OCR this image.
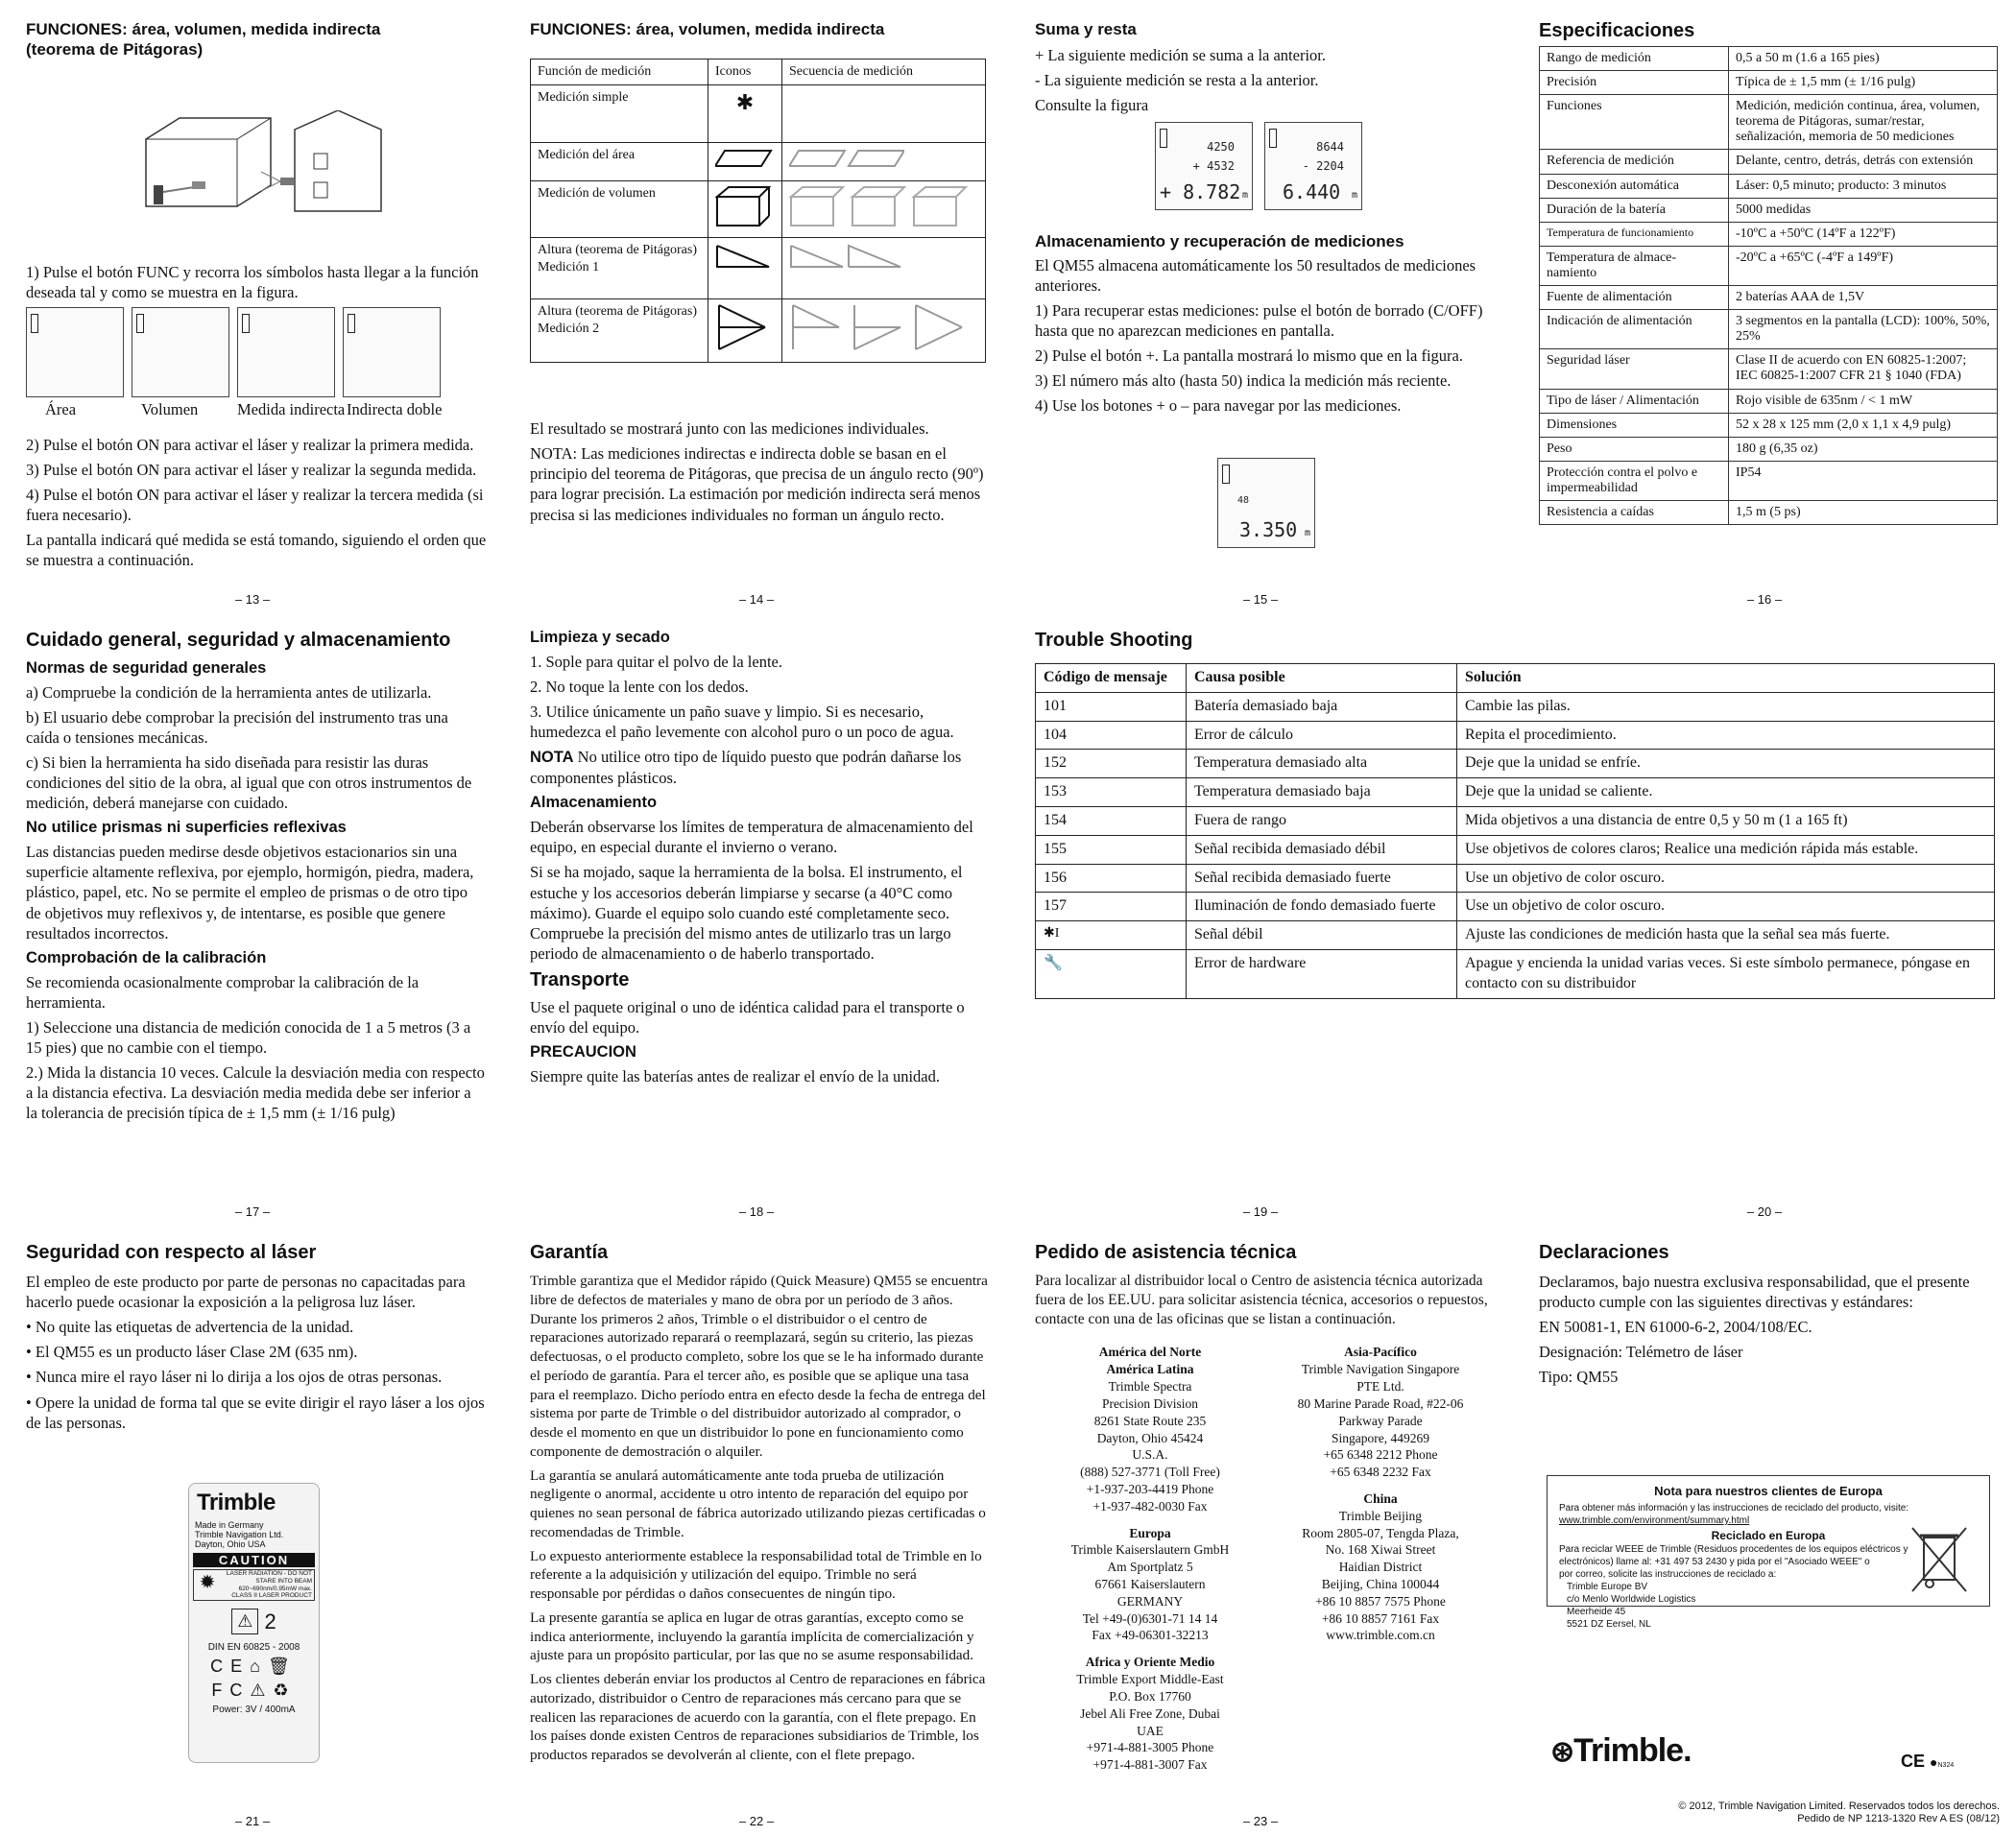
FUNCIONES: área, volumen, medida indirecta

(teorema de Pitágoras)

1) Pulse el botón FUNC y recorra los símbolos hasta llegar a la función deseada tal y como se muestra en la figura.

Área	Volumen	Medida indirecta Indirecta doble

2) Pulse el botón ON para activar el láser y realizar la primera medida.

3) Pulse el botón ON para activar el láser y realizar la segunda medida.

4) Pulse el botón ON para activar el láser y realizar la tercera medida (si fuera necesario).

La pantalla indicará qué medida se está tomando, siguiendo el orden que se muestra a continuación.

– 13 –

FUNCIONES: área, volumen, medida indirecta

Función de medición	Iconos	Secuencia de medición
Medición simple	✱	
Medición del área		
Medición de volumen		
Altura (teorema de Pitágoras) Medición 1		
Altura (teorema de Pitágoras) Medición 2		

El resultado se mostrará junto con las mediciones individuales.

NOTA: Las mediciones indirectas e indirecta doble se basan en el principio del teorema de Pitágoras, que precisa de un ángulo recto (90º) para lograr precisión. La estimación por medición indirecta será menos precisa si las mediciones individuales no forman un ángulo recto.

– 14 –

Suma y resta

+ La siguiente medición se suma a la anterior.

- La siguiente medición se resta a la anterior.

Consulte la figura

4250
+ 4532
+ 8.782 m
8644
- 2204
6.440 m

Almacenamiento y recuperación de mediciones

El QM55 almacena automáticamente los 50 resultados de mediciones anteriores.

1) Para recuperar estas mediciones: pulse el botón de borrado (C/OFF) hasta que no aparezcan mediciones en pantalla.

2) Pulse el botón +. La pantalla mostrará lo mismo que en la figura.

3) El número más alto (hasta 50) indica la medición más reciente.

4) Use los botones + o – para navegar por las mediciones.

48
3.350 m
– 15 –
Especificaciones
Rango de medición	0,5 a 50 m (1.6 a 165 pies)
Precisión	Típica de ± 1,5 mm (± 1/16 pulg)
Funciones	Medición, medición continua, área, volumen, teorema de Pitágoras, sumar/restar, señalización, memoria de 50 mediciones
Referencia de medición	Delante, centro, detrás, detrás con extensión
Desconexión automática	Láser: 0,5 minuto; producto: 3 minutos
Duración de la batería	5000 medidas
Temperatura de funcionamiento	-10ºC a +50ºC (14ºF a 122ºF)
Temperatura de almacenamiento	-20ºC a +65ºC (-4ºF a 149ºF)
Fuente de alimentación	2 baterías AAA de 1,5V
Indicación de alimentación	3 segmentos en la pantalla (LCD): 100%, 50%, 25%
Seguridad láser	Clase II de acuerdo con EN 60825-1:2007; IEC 60825-1:2007 CFR 21 § 1040 (FDA)
Tipo de láser / Alimentación	Rojo visible de 635nm / < 1 mW
Dimensiones	52 x 28 x 125 mm (2,0 x 1,1 x 4,9 pulg)
Peso	180 g (6,35 oz)
Protección contra el polvo e impermeabilidad	IP54
Resistencia a caídas	1,5 m (5 ps)
– 16 –
Cuidado general, seguridad y almacenamiento
Normas de seguridad generales

a) Compruebe la condición de la herramienta antes de utilizarla.

b) El usuario debe comprobar la precisión del instrumento tras una caída o tensiones mecánicas.

c) Si bien la herramienta ha sido diseñada para resistir las duras condiciones del sitio de la obra, al igual que con otros instrumentos de medición, deberá manejarse con cuidado.

No utilice prismas ni superficies reflexivas

Las distancias pueden medirse desde objetivos estacionarios sin una superficie altamente reflexiva, por ejemplo, hormigón, piedra, madera, plástico, papel, etc. No se permite el empleo de prismas o de otro tipo de objetivos muy reflexivos y, de intentarse, es posible que genere resultados incorrectos.

Comprobación de la calibración

Se recomienda ocasionalmente comprobar la calibración de la herramienta.

1) Seleccione una distancia de medición conocida de 1 a 5 metros (3 a 15 pies) que no cambie con el tiempo.

2.) Mida la distancia 10 veces. Calcule la desviación media con respecto a la distancia efectiva. La desviación media medida debe ser inferior a la tolerancia de precisión típica de ± 1,5 mm (± 1/16 pulg)

– 17 –
Limpieza y secado

1. Sople para quitar el polvo de la lente.

2. No toque la lente con los dedos.

3. Utilice únicamente un paño suave y limpio. Si es necesario, humedezca el paño levemente con alcohol puro o un poco de agua.

NOTA No utilice otro tipo de líquido puesto que podrán dañarse los componentes plásticos.

Almacenamiento

Deberán observarse los límites de temperatura de almacenamiento del equipo, en especial durante el invierno o verano.

Si se ha mojado, saque la herramienta de la bolsa. El instrumento, el estuche y los accesorios deberán limpiarse y secarse (a 40°C como máximo). Guarde el equipo solo cuando esté completamente seco. Compruebe la precisión del mismo antes de utilizarlo tras un largo periodo de almacenamiento o de haberlo transportado.

Transporte

Use el paquete original o uno de idéntica calidad para el transporte o envío del equipo.

PRECAUCION

Siempre quite las baterías antes de realizar el envío de la unidad.

– 18 –
Trouble Shooting
Código de mensaje	Causa posible	Solución
101	Batería demasiado baja	Cambie las pilas.
104	Error de cálculo	Repita el procedimiento.
152	Temperatura demasiado alta	Deje que la unidad se enfríe.
153	Temperatura demasiado baja	Deje que la unidad se caliente.
154	Fuera de rango	Mida objetivos a una distancia de entre 0,5 y 50 m (1 a 165 ft)
155	Señal recibida demasiado débil	Use objetivos de colores claros; Realice una medición rápida más estable.
156	Señal recibida demasiado fuerte	Use un objetivo de color oscuro.
157	Iluminación de fondo demasiado fuerte	Use un objetivo de color oscuro.
✱I	Señal débil	Ajuste las condiciones de medición hasta que la señal sea más fuerte.
🔧	Error de hardware	Apague y encienda la unidad varias veces. Si este símbolo permanece, póngase en contacto con su distribuidor
– 19 –	– 20 –
Seguridad con respecto al láser

El empleo de este producto por parte de personas no capacitadas para hacerlo puede ocasionar la exposición a la peligrosa luz láser.

• No quite las etiquetas de advertencia de la unidad.

• El QM55 es un producto láser Clase 2M (635 nm).

• Nunca mire el rayo láser ni lo dirija a los ojos de otras personas.

• Opere la unidad de forma tal que se evite dirigir el rayo láser a los ojos de las personas.

Trimble
Made in Germany
Trimble Navigation Ltd.
Dayton, Ohio USA
CAUTION
✹	LASER RADIATION - DO NOT
STARE INTO BEAM
620~690nm/0.95mW max.
CLASS II LASER PRODUCT
⚠ 2
DIN EN 60825 - 2008
CE⌂🗑
FC⚠♻
Power: 3V / 400mA
– 21 –
Garantía

Trimble garantiza que el Medidor rápido (Quick Measure) QM55 se encuentra libre de defectos de materiales y mano de obra por un período de 3 años. Durante los primeros 2 años, Trimble o el distribuidor o el centro de reparaciones autorizado reparará o reemplazará, según su criterio, las piezas defectuosas, o el producto completo, sobre los que se le ha informado durante el período de garantía. Para el tercer año, es posible que se aplique una tasa para el reemplazo. Dicho período entra en efecto desde la fecha de entrega del sistema por parte de Trimble o del distribuidor autorizado al comprador, o desde el momento en que un distribuidor lo pone en funcionamiento como componente de demostración o alquiler.

La garantía se anulará automáticamente ante toda prueba de utilización negligente o anormal, accidente u otro intento de reparación del equipo por quienes no sean personal de fábrica autorizado utilizando piezas certificadas o recomendadas de Trimble.

Lo expuesto anteriormente establece la responsabilidad total de Trimble en lo referente a la adquisición y utilización del equipo. Trimble no será responsable por pérdidas o daños consecuentes de ningún tipo.

La presente garantía se aplica en lugar de otras garantías, excepto como se indica anteriormente, incluyendo la garantía implícita de comercialización y ajuste para un propósito particular, por las que no se asume responsabilidad.

Los clientes deberán enviar los productos al Centro de reparaciones en fábrica autorizado, distribuidor o Centro de reparaciones más cercano para que se realicen las reparaciones de acuerdo con la garantía, con el flete prepago. En los países donde existen Centros de reparaciones subsidiarios de Trimble, los productos reparados se devolverán al cliente, con el flete prepago.

– 22 –
Pedido de asistencia técnica

Para localizar al distribuidor local o Centro de asistencia técnica autorizada fuera de los EE.UU. para solicitar asistencia técnica, accesorios o repuestos, contacte con una de las oficinas que se listan a continuación.

América del Norte
América Latina
Trimble Spectra
Precision Division
8261 State Route 235
Dayton, Ohio 45424
U.S.A.
(888) 527-3771 (Toll Free)
+1-937-203-4419 Phone
+1-937-482-0030 Fax
Europa
Trimble Kaiserslautern GmbH
Am Sportplatz 5
67661 Kaiserslautern
GERMANY
Tel +49-(0)6301-71 14 14
Fax +49-06301-32213
Africa y Oriente Medio
Trimble Export Middle-East
P.O. Box 17760
Jebel Ali Free Zone, Dubai
UAE
+971-4-881-3005 Phone
+971-4-881-3007 Fax

Asia-Pacífico
Trimble Navigation Singapore
PTE Ltd.
80 Marine Parade Road, #22-06
Parkway Parade
Singapore, 449269
+65 6348 2212 Phone
+65 6348 2232 Fax
China
Trimble Beijing
Room 2805-07, Tengda Plaza,
No. 168 Xiwai Street
Haidian District
Beijing, China 100044
+86 10 8857 7575 Phone
+86 10 8857 7161 Fax
www.trimble.com.cn
– 23 –
Declaraciones

Declaramos, bajo nuestra exclusiva responsabilidad, que el presente producto cumple con las siguientes directivas y estándares:

EN 50081-1, EN 61000-6-2, 2004/108/EC.

Designación: Telémetro de láser

Tipo: QM55

Nota para nuestros clientes de Europa
Para obtener más información y las instrucciones de reciclado del producto, visite:
www.trimble.com/environment/summary.html
Reciclado en Europa
Para reciclar WEEE de Trimble (Residuos procedentes de los equipos eléctricos y
electrónicos) llame al: +31 497 53 2430 y pida por el "Asociado WEEE" o
por correo, solicite las instrucciones de reciclado a:
Trimble Europe BV
c/o Menlo Worldwide Logistics
Meerheide 45
5521 DZ Eersel, NL
⊛Trimble.	CE ●N324
© 2012, Trimble Navigation Limited. Reservados todos los derechos.
Pedido de NP 1213-1320 Rev A ES (08/12)
